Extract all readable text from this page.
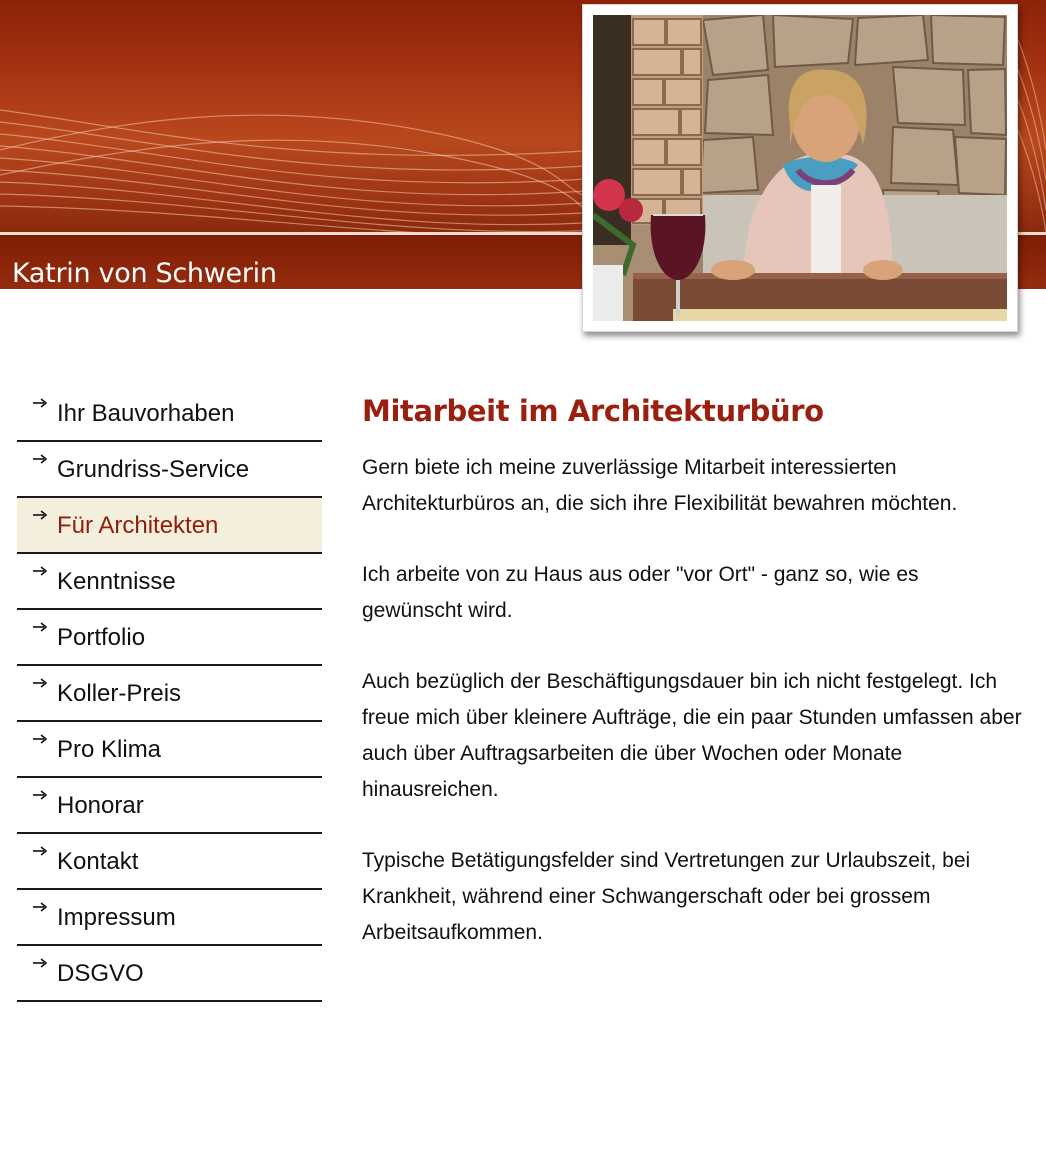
Katrin von Schwerin
Ihr Bauvorhaben
Grundriss-Service
Für Architekten
Kenntnisse
Portfolio
Koller-Preis
Pro Klima
Honorar
Kontakt
Impressum
DSGVO
Mitarbeit im Architekturbüro

Gern biete ich meine zuverlässige Mitarbeit interessierten Architekturbüros an, die sich ihre Flexibilität bewahren möchten.

Ich arbeite von zu Haus aus oder "vor Ort" - ganz so, wie es gewünscht wird.

Auch bezüglich der Beschäftigungsdauer bin ich nicht festgelegt. Ich freue mich über kleinere Aufträge, die ein paar Stunden umfassen aber auch über Auftragsarbeiten die über Wochen oder Monate hinausreichen.

Typische Betätigungsfelder sind Vertretungen zur Urlaubszeit, bei Krankheit, während einer Schwangerschaft oder bei grossem Arbeitsaufkommen.
